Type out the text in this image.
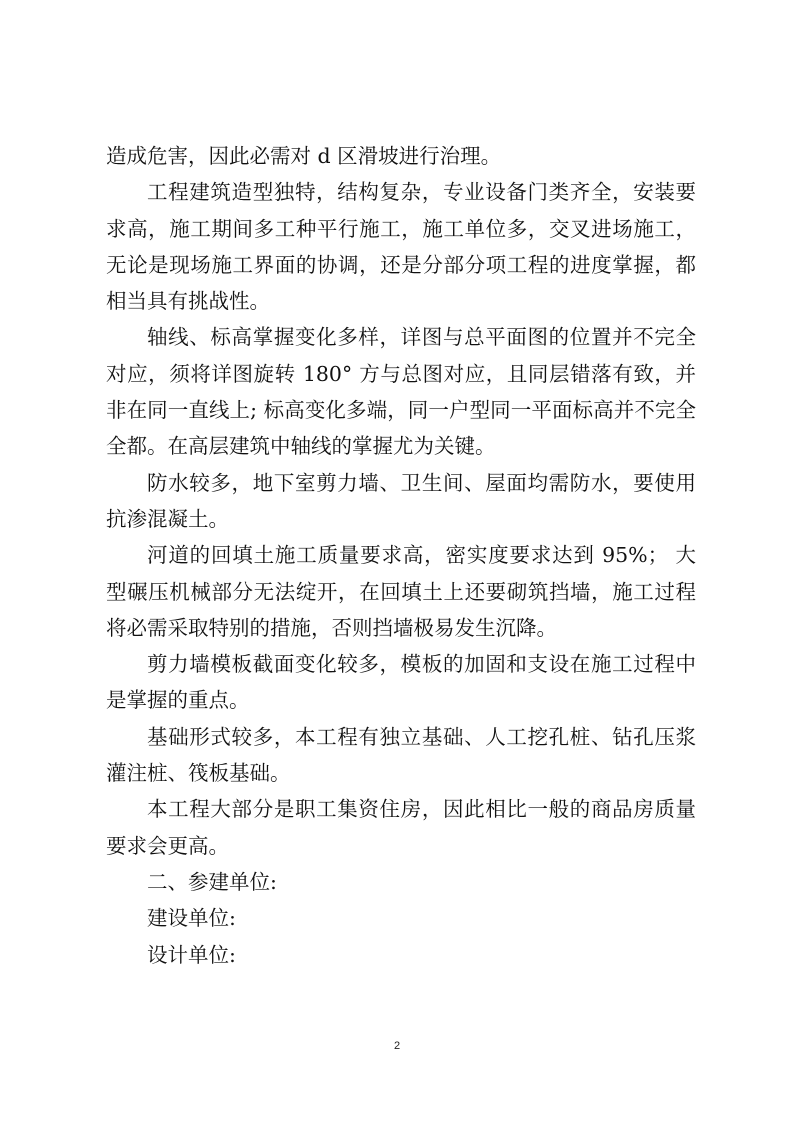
造成危害，因此必需对 d 区滑坡进行治理。

工程建筑造型独特，结构复杂，专业设备门类齐全，安装要求高，施工期间多工种平行施工，施工单位多，交叉进场施工，无论是现场施工界面的协调，还是分部分项工程的进度掌握，都相当具有挑战性。

轴线、标高掌握变化多样，详图与总平面图的位置并不完全对应，须将详图旋转 180° 方与总图对应，且同层错落有致，并非在同一直线上; 标高变化多端，同一户型同一平面标高并不完全全都。在高层建筑中轴线的掌握尤为关键。

防水较多，地下室剪力墙、卫生间、屋面均需防水，要使用抗渗混凝土。

河道的回填土施工质量要求高，密实度要求达到 95%； 大型碾压机械部分无法绽开，在回填土上还要砌筑挡墙，施工过程将必需采取特别的措施，否则挡墙极易发生沉降。

剪力墙模板截面变化较多，模板的加固和支设在施工过程中是掌握的重点。

基础形式较多，本工程有独立基础、人工挖孔桩、钻孔压浆灌注桩、筏板基础。

本工程大部分是职工集资住房，因此相比一般的商品房质量要求会更高。

二、参建单位:

建设单位:

设计单位:

2
